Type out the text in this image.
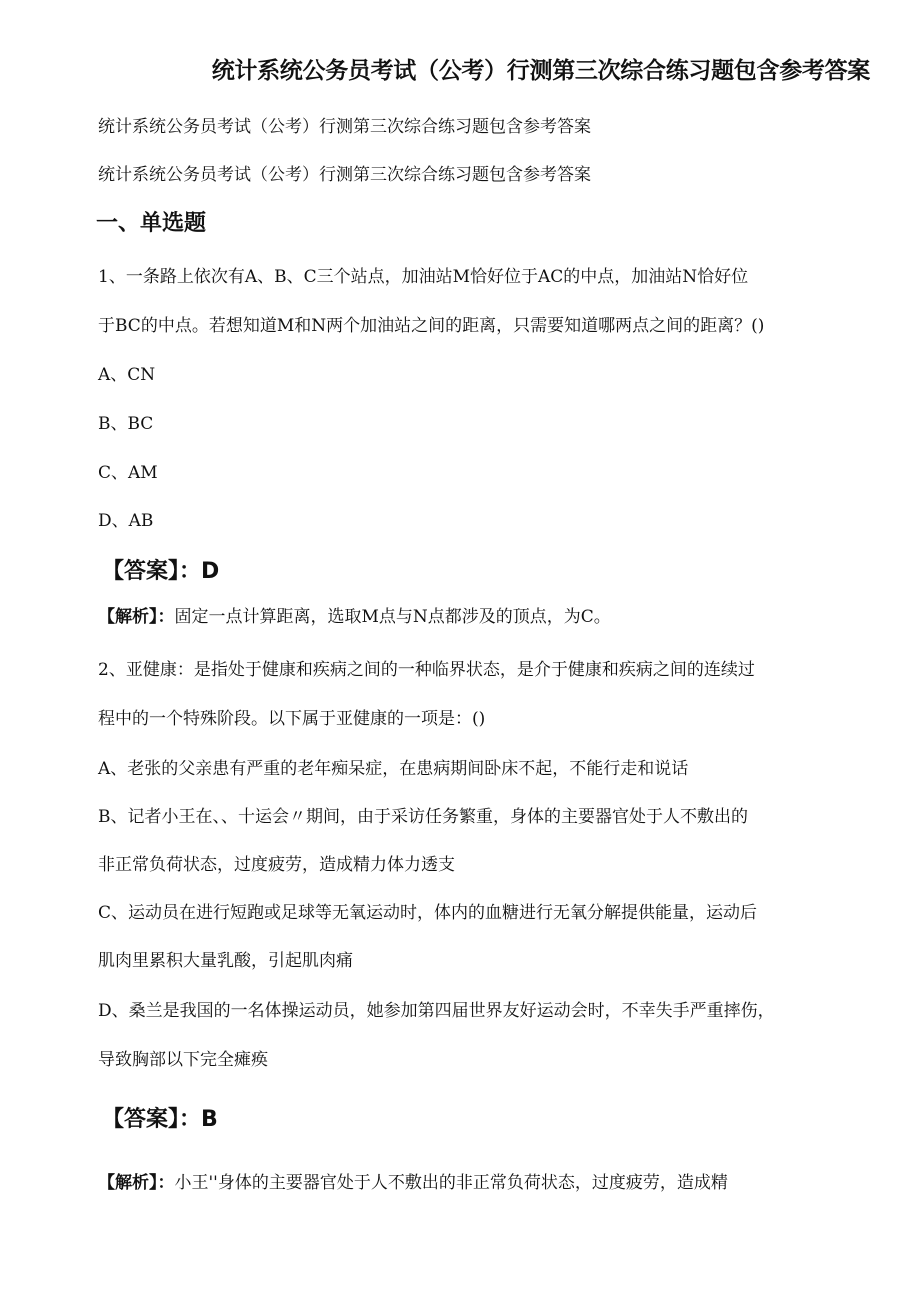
统计系统公务员考试（公考）行测第三次综合练习题包含参考答案
统计系统公务员考试（公考）行测第三次综合练习题包含参考答案
统计系统公务员考试（公考）行测第三次综合练习题包含参考答案
一、单选题
1、一条路上依次有A、B、C三个站点，加油站M恰好位于AC的中点，加油站N恰好位
于BC的中点。若想知道M和N两个加油站之间的距离，只需要知道哪两点之间的距离？()
A、CN
B、BC
C、AM
D、AB
【答案】：D
【解析】：固定一点计算距离，选取M点与N点都涉及的顶点，为C。
2、亚健康：是指处于健康和疾病之间的一种临界状态，是介于健康和疾病之间的连续过
程中的一个特殊阶段。以下属于亚健康的一项是：()
A、老张的父亲患有严重的老年痴呆症，在患病期间卧床不起，不能行走和说话
B、记者小王在、、十运会〃期间，由于采访任务繁重，身体的主要器官处于人不敷出的
非正常负荷状态，过度疲劳，造成精力体力透支
C、运动员在进行短跑或足球等无氧运动时，体内的血糖进行无氧分解提供能量，运动后
肌肉里累积大量乳酸，引起肌肉痛
D、桑兰是我国的一名体操运动员，她参加第四届世界友好运动会时，不幸失手严重摔伤，
导致胸部以下完全瘫痪
【答案】：B
【解析】：小王''身体的主要器官处于人不敷出的非正常负荷状态，过度疲劳，造成精
